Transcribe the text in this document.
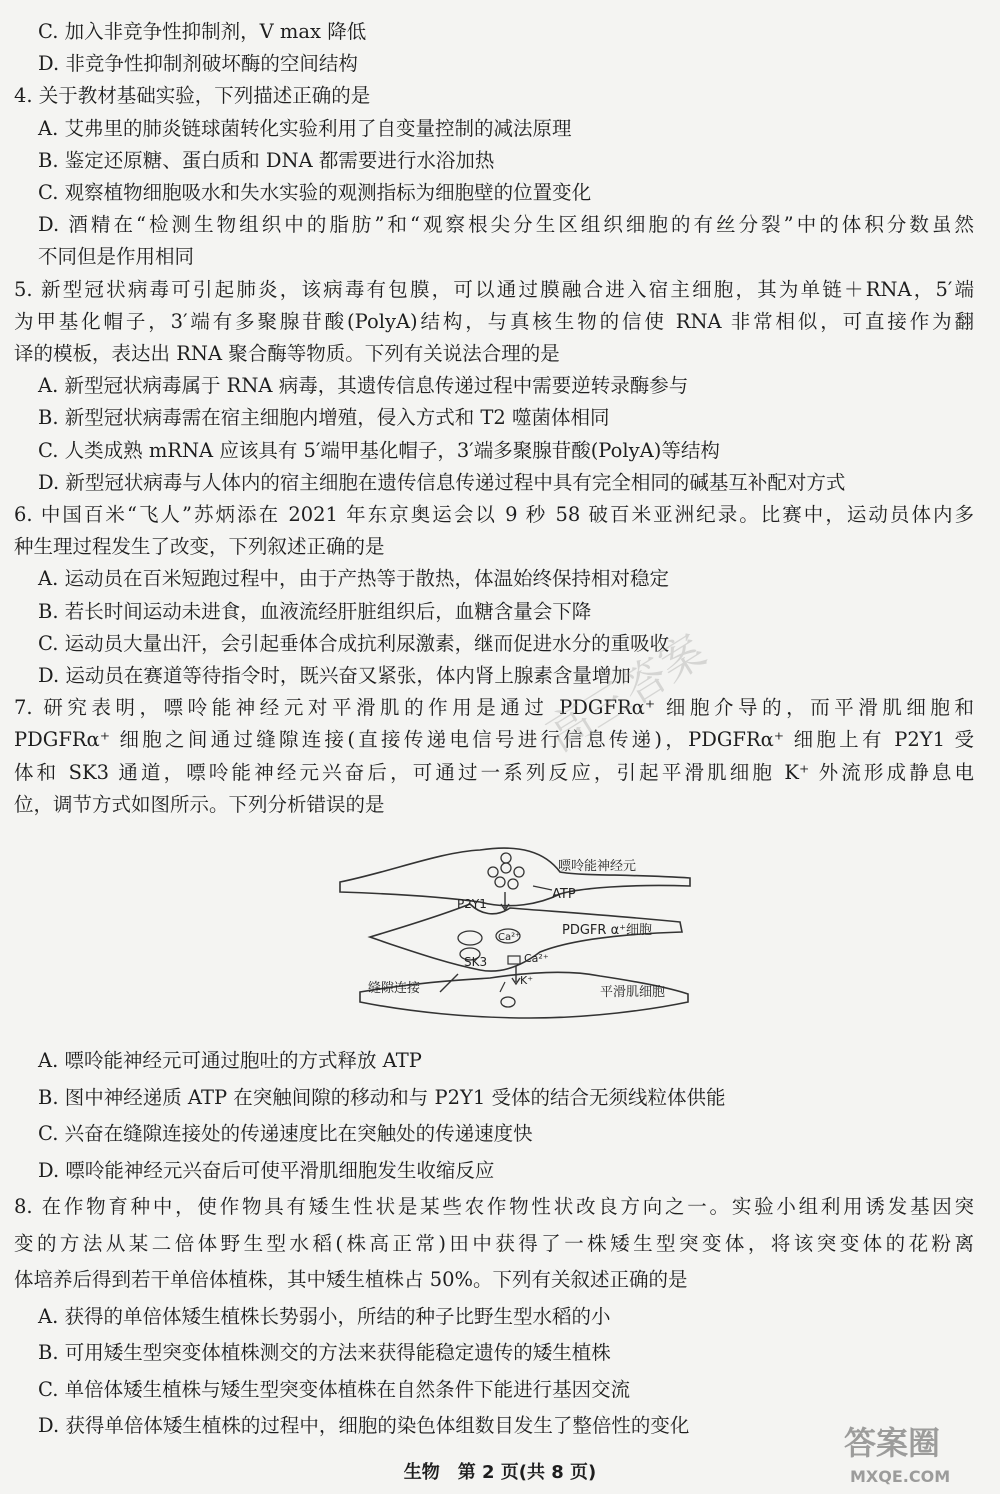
C. 加入非竞争性抑制剂，V max 降低
D. 非竞争性抑制剂破坏酶的空间结构
4. 关于教材基础实验，下列描述正确的是
A. 艾弗里的肺炎链球菌转化实验利用了自变量控制的减法原理
B. 鉴定还原糖、蛋白质和 DNA 都需要进行水浴加热
C. 观察植物细胞吸水和失水实验的观测指标为细胞壁的位置变化
D. 酒精在“检测生物组织中的脂肪”和“观察根尖分生区组织细胞的有丝分裂”中的体积分数虽然
不同但是作用相同
5. 新型冠状病毒可引起肺炎，该病毒有包膜，可以通过膜融合进入宿主细胞，其为单链＋RNA，5′端
为甲基化帽子，3′端有多聚腺苷酸(PolyA)结构，与真核生物的信使 RNA 非常相似，可直接作为翻
译的模板，表达出 RNA 聚合酶等物质。下列有关说法合理的是
A. 新型冠状病毒属于 RNA 病毒，其遗传信息传递过程中需要逆转录酶参与
B. 新型冠状病毒需在宿主细胞内增殖，侵入方式和 T2 噬菌体相同
C. 人类成熟 mRNA 应该具有 5′端甲基化帽子，3′端多聚腺苷酸(PolyA)等结构
D. 新型冠状病毒与人体内的宿主细胞在遗传信息传递过程中具有完全相同的碱基互补配对方式
6. 中国百米“飞人”苏炳添在 2021 年东京奥运会以 9 秒 58 破百米亚洲纪录。比赛中，运动员体内多
种生理过程发生了改变，下列叙述正确的是
A. 运动员在百米短跑过程中，由于产热等于散热，体温始终保持相对稳定
B. 若长时间运动未进食，血液流经肝脏组织后，血糖含量会下降
C. 运动员大量出汗，会引起垂体合成抗利尿激素，继而促进水分的重吸收
D. 运动员在赛道等待指令时，既兴奋又紧张，体内肾上腺素含量增加
7. 研究表明，嘌呤能神经元对平滑肌的作用是通过 PDGFRα⁺ 细胞介导的，而平滑肌细胞和
PDGFRα⁺ 细胞之间通过缝隙连接(直接传递电信号进行信息传递)，PDGFRα⁺ 细胞上有 P2Y1 受
体和 SK3 通道，嘌呤能神经元兴奋后，可通过一系列反应，引起平滑肌细胞 K⁺ 外流形成静息电
位，调节方式如图所示。下列分析错误的是
嘌呤能神经元
ATP
P2Y1
PDGFR α⁺细胞
Ca²⁺
Ca²⁺
SK3
K⁺
缝隙连接	平滑肌细胞
A. 嘌呤能神经元可通过胞吐的方式释放 ATP
B. 图中神经递质 ATP 在突触间隙的移动和与 P2Y1 受体的结合无须线粒体供能
C. 兴奋在缝隙连接处的传递速度比在突触处的传递速度快
D. 嘌呤能神经元兴奋后可使平滑肌细胞发生收缩反应
8. 在作物育种中，使作物具有矮生性状是某些农作物性状改良方向之一。实验小组利用诱发基因突
变的方法从某二倍体野生型水稻(株高正常)田中获得了一株矮生型突变体，将该突变体的花粉离
体培养后得到若干单倍体植株，其中矮生植株占 50%。下列有关叙述正确的是
A. 获得的单倍体矮生植株长势弱小，所结的种子比野生型水稻的小
B. 可用矮生型突变体植株测交的方法来获得能稳定遗传的矮生植株
C. 单倍体矮生植株与矮生型突变体植株在自然条件下能进行基因交流
D. 获得单倍体矮生植株的过程中，细胞的染色体组数目发生了整倍性的变化
生物　第 2 页(共 8 页)
答案圈
MXQE.COM
高三答案
